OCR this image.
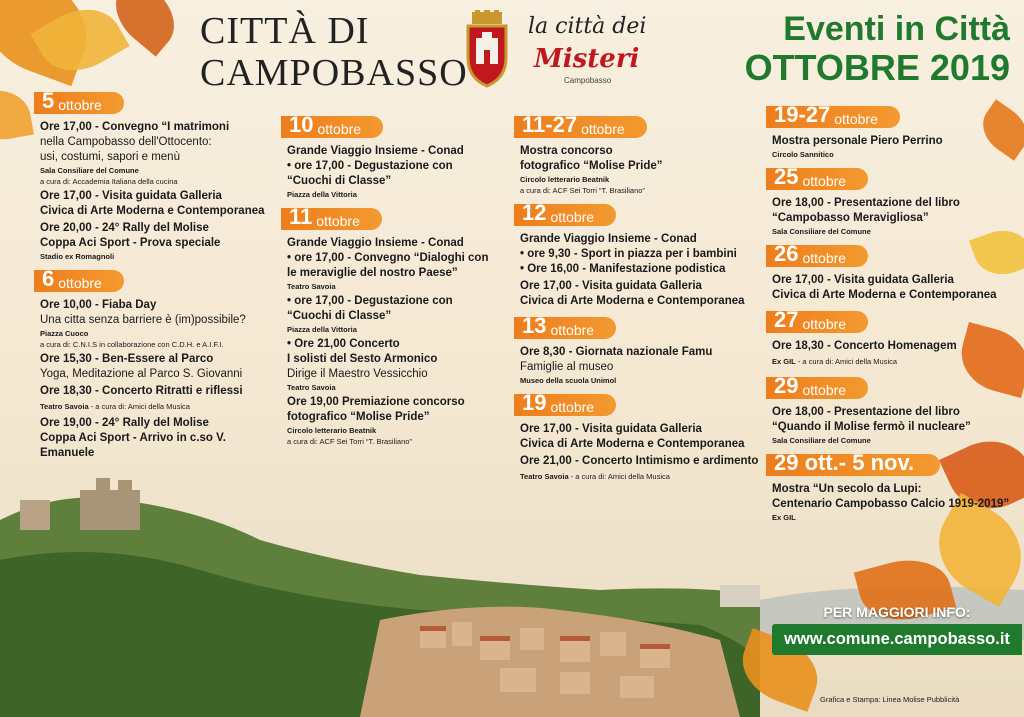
CITTÀ DI
CAMPOBASSO
la città dei
Misteri
Campobasso
Eventi in Città
OTTOBRE 2019
5 ottobre
Ore 17,00 - Convegno “I matrimoni
nella Campobasso dell'Ottocento:
usi, costumi, sapori e menù
Sala Consiliare del Comune
a cura di: Accademia Italiana della cucina
Ore 17,00 - Visita guidata Galleria
Civica di Arte Moderna e Contemporanea
Ore 20,00 - 24° Rally del Molise
Coppa Aci Sport - Prova speciale
Stadio ex Romagnoli
6 ottobre
Ore 10,00 - Fiaba Day
Una citta senza barriere è (im)possibile?
Piazza Cuoco
a cura di: C.N.I.S in collaborazione con C.D.H. e A.I.F.I.
Ore 15,30 - Ben-Essere al Parco
Yoga, Meditazione al Parco S. Giovanni
Ore 18,30 - Concerto Ritratti e riflessi
Teatro Savoia - a cura di: Amici della Musica

Ore 19,00 - 24° Rally del Molise
Coppa Aci Sport - Arrivo in c.so V. Emanuele
10 ottobre
Grande Viaggio Insieme - Conad
• ore 17,00 - Degustazione con
“Cuochi di Classe”
Piazza della Vittoria
11 ottobre
Grande Viaggio Insieme - Conad
• ore 17,00 - Convegno “Dialoghi con
le meraviglie del nostro Paese”
Teatro Savoia
• ore 17,00 - Degustazione con
“Cuochi di Classe”
Piazza della Vittoria
• Ore 21,00 Concerto
I solisti del Sesto Armonico
Dirige il Maestro Vessicchio
Teatro Savoia
Ore 19,00 Premiazione concorso
fotografico “Molise Pride”
Circolo letterario Beatnik
a cura di: ACF Sei Torri “T. Brasiliano”
11-27 ottobre
Mostra concorso
fotografico “Molise Pride”
Circolo letterario Beatnik
a cura di: ACF Sei Torri “T. Brasiliano”
12 ottobre
Grande Viaggio Insieme - Conad
• ore 9,30 - Sport in piazza per i bambini
• Ore 16,00 - Manifestazione podistica
Ore 17,00 - Visita guidata Galleria
Civica di Arte Moderna e Contemporanea
13 ottobre
Ore 8,30 - Giornata nazionale Famu
Famiglie al museo
Museo della scuola Unimol
19 ottobre
Ore 17,00 - Visita guidata Galleria
Civica di Arte Moderna e Contemporanea
Ore 21,00 - Concerto Intimismo e ardimento
Teatro Savoia - a cura di: Amici della Musica

19-27 ottobre
Mostra personale Piero Perrino
Circolo Sannitico
25 ottobre
Ore 18,00 - Presentazione del libro
“Campobasso Meravigliosa”
Sala Consiliare del Comune
26 ottobre
Ore 17,00 - Visita guidata Galleria
Civica di Arte Moderna e Contemporanea
27 ottobre
Ore 18,30 - Concerto Homenagem
Ex GIL - a cura di: Amici della Musica

29 ottobre
Ore 18,00 - Presentazione del libro
“Quando il Molise fermò il nucleare”
Sala Consiliare del Comune
29 ott.- 5 nov.
Mostra “Un secolo da Lupi:
Centenario Campobasso Calcio 1919-2019”
Ex GIL
PER MAGGIORI INFO:
www.comune.campobasso.it
Grafica e Stampa: Linea Molise Pubblicità
